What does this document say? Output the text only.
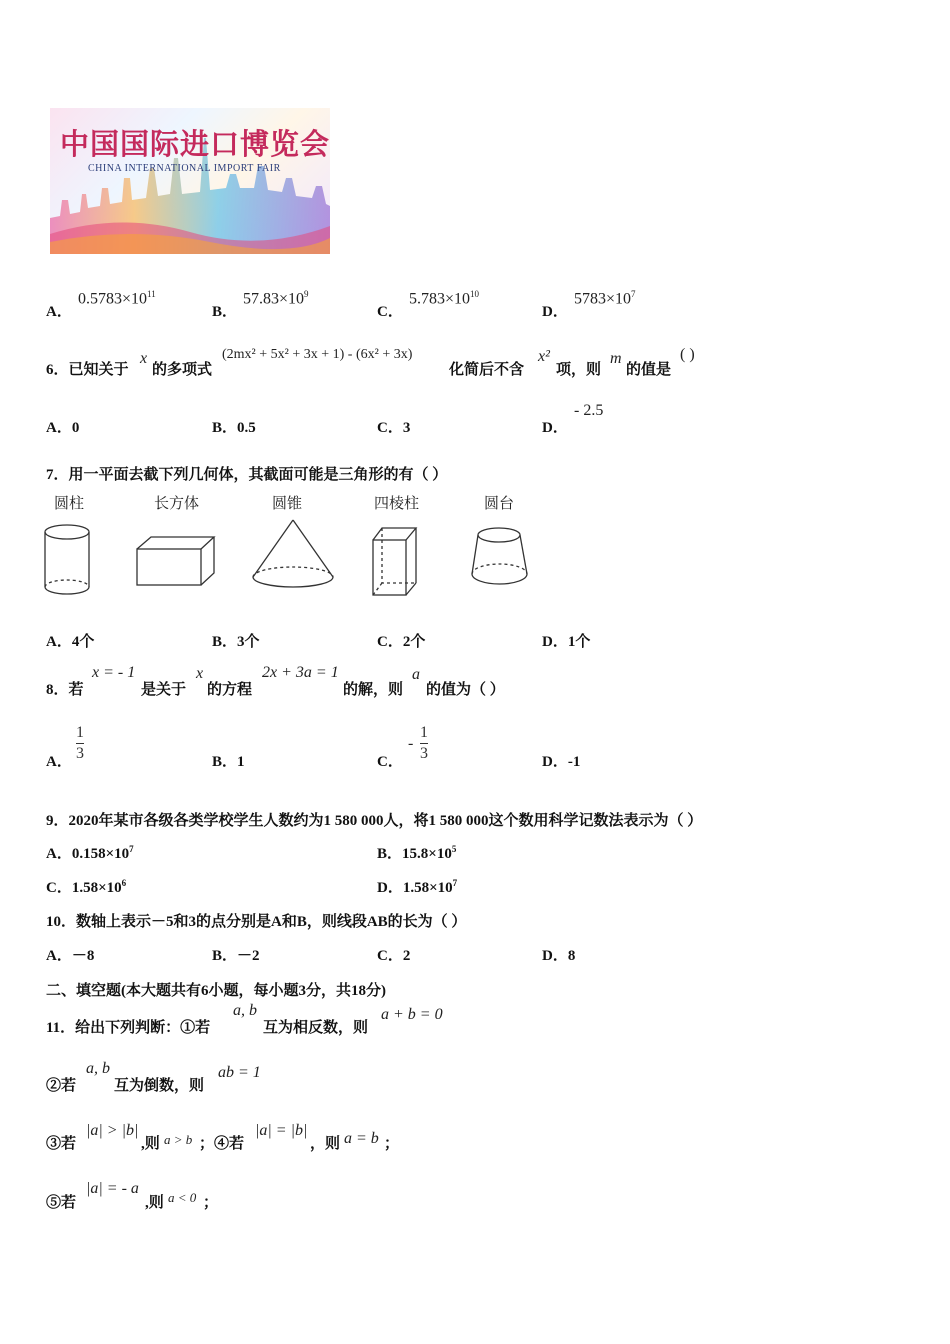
中国国际进口博览会
CHINA INTERNATIONAL IMPORT FAIR
A．
$0.5783\times 10^{11}$
B．
$57.83\times 10^9$
C．
$5.783\times 10^{10}$
D．
$5783\times 10^7$
6．已知关于
x
的多项式
(2mx² + 5x² + 3x + 1) - (6x² + 3x)
化简后不含
x²
项，则
m
的值是
( )
A．0	B．0.5	C．3	D．
- 2.5
7．用一平面去截下列几何体，其截面可能是三角形的有（ ）
圆柱	长方体	圆锥	四棱柱	圆台
A．4个	B．3个	C．2个	D．1个
8．若
x = - 1
是关于
x
的方程
2x + 3a = 1
的解，则
a
的值为（ ）
A．
1
3	B．1	C．
-
1
3	D．-1
9．2020年某市各级各类学校学生人数约为1 580 000人，将1 580 000这个数用科学记数法表示为（ ）
A．$0.158\times 10^7$	B．$15.8\times 10^5$
C．$1.58\times 10^6$	D．$1.58\times 10^7$
10．数轴上表示－5和3的点分别是A和B，则线段AB的长为（ ）
A．－8	B．－2	C．2	D．8
二、填空题(本大题共有6小题，每小题3分，共18分)
11．给出下列判断：①若
a, b
互为相反数，则
a + b = 0
②若
a, b
互为倒数，则
ab = 1
③若
|a| > |b|
,则 a > b ；④若
|a| = |b|
，则 a = b ；
⑤若
|a| = - a
,则 a < 0 ；
